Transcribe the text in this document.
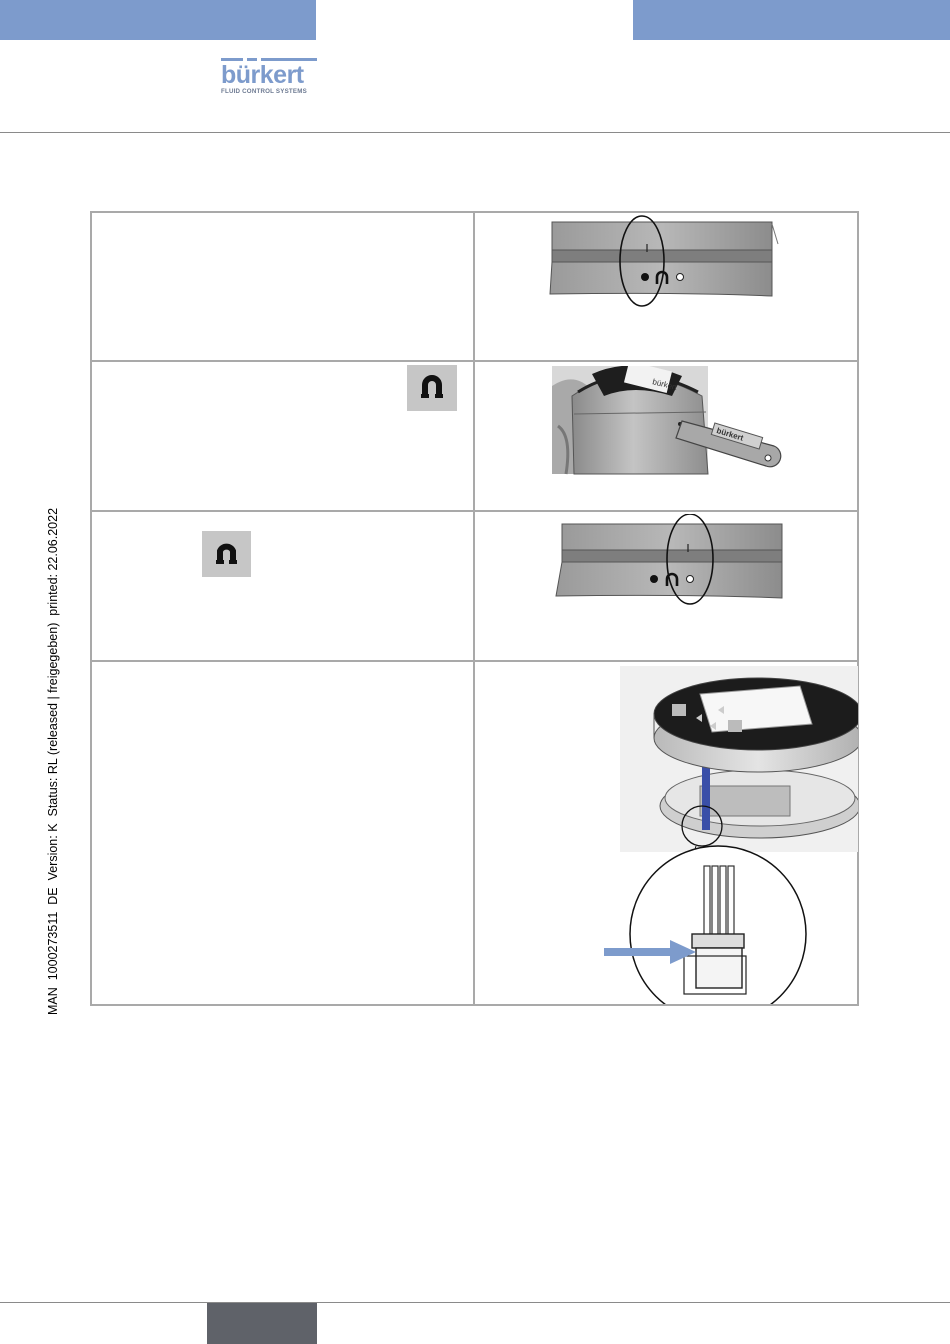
bürkert
FLUID CONTROL SYSTEMS
MAN  1000273511  DE  Version: K  Status: RL (released | freigegeben)  printed: 22.06.2022
bürkert
bürkert
